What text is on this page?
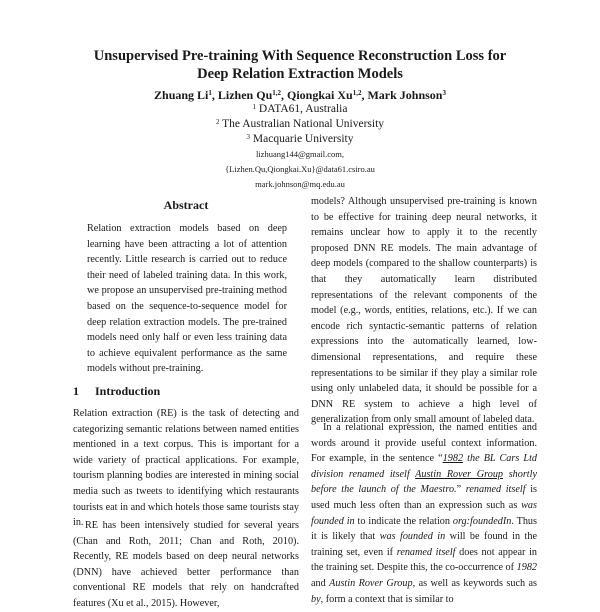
Unsupervised Pre-training With Sequence Reconstruction Loss for
Deep Relation Extraction Models
Zhuang Li$^1$, Lizhen Qu$^{1,2}$, Qiongkai Xu$^{1,2}$, Mark Johnson$^3$
$^1$ DATA61, Australia
$^2$ The Australian National University
$^3$ Macquarie University
lizhuang144@gmail.com,
{Lizhen.Qu,Qiongkai.Xu}@data61.csiro.au
mark.johnson@mq.edu.au
Abstract
Relation extraction models based on deep learning have been attracting a lot of attention recently. Little research is carried out to reduce their need of labeled training data. In this work, we propose an unsupervised pre-training method based on the sequence-to-sequence model for deep relation extraction models. The pre-trained models need only half or even less training data to achieve equivalent performance as the same models without pre-training.
1 Introduction
Relation extraction (RE) is the task of detecting and categorizing semantic relations between named entities mentioned in a text corpus. This is important for a wide variety of practical applications. For example, tourism planning bodies are interested in mining social media such as tweets to identifying which restaurants tourists eat in and which hotels those same tourists stay in. RE has been intensively studied for several years (Chan and Roth, 2011; Chan and Roth, 2010). Recently, RE models based on deep neural networks (DNN) have achieved better performance than conventional RE models that rely on handcrafted features (Xu et al., 2015). However,
models? Although unsupervised pre-training is known to be effective for training deep neural networks, it remains unclear how to apply it to the recently proposed DNN RE models. The main advantage of deep models (compared to the shallow counterparts) is that they automatically learn distributed representations of the relevant components of the model (e.g., words, entities, relations, etc.). If we can encode rich syntactic-semantic patterns of relation expressions into the automatically learned, low-dimensional representations, and require these representations to be similar if they play a similar role using only unlabeled data, it should be possible for a DNN RE system to achieve a high level of generalization from only small amount of labeled data.
In a relational expression, the named entities and words around it provide useful context information. For example, in the sentence “1982 the BL Cars Ltd division renamed itself Austin Rover Group shortly before the launch of the Maestro.” renamed itself is used much less often than an expression such as was founded in to indicate the relation org:foundedIn. Thus it is likely that was founded in will be found in the training set, even if renamed itself does not appear in the training set. Despite this, the co-occurrence of 1982 and Austin Rover Group, as well as keywords such as by, form a context that is similar to
